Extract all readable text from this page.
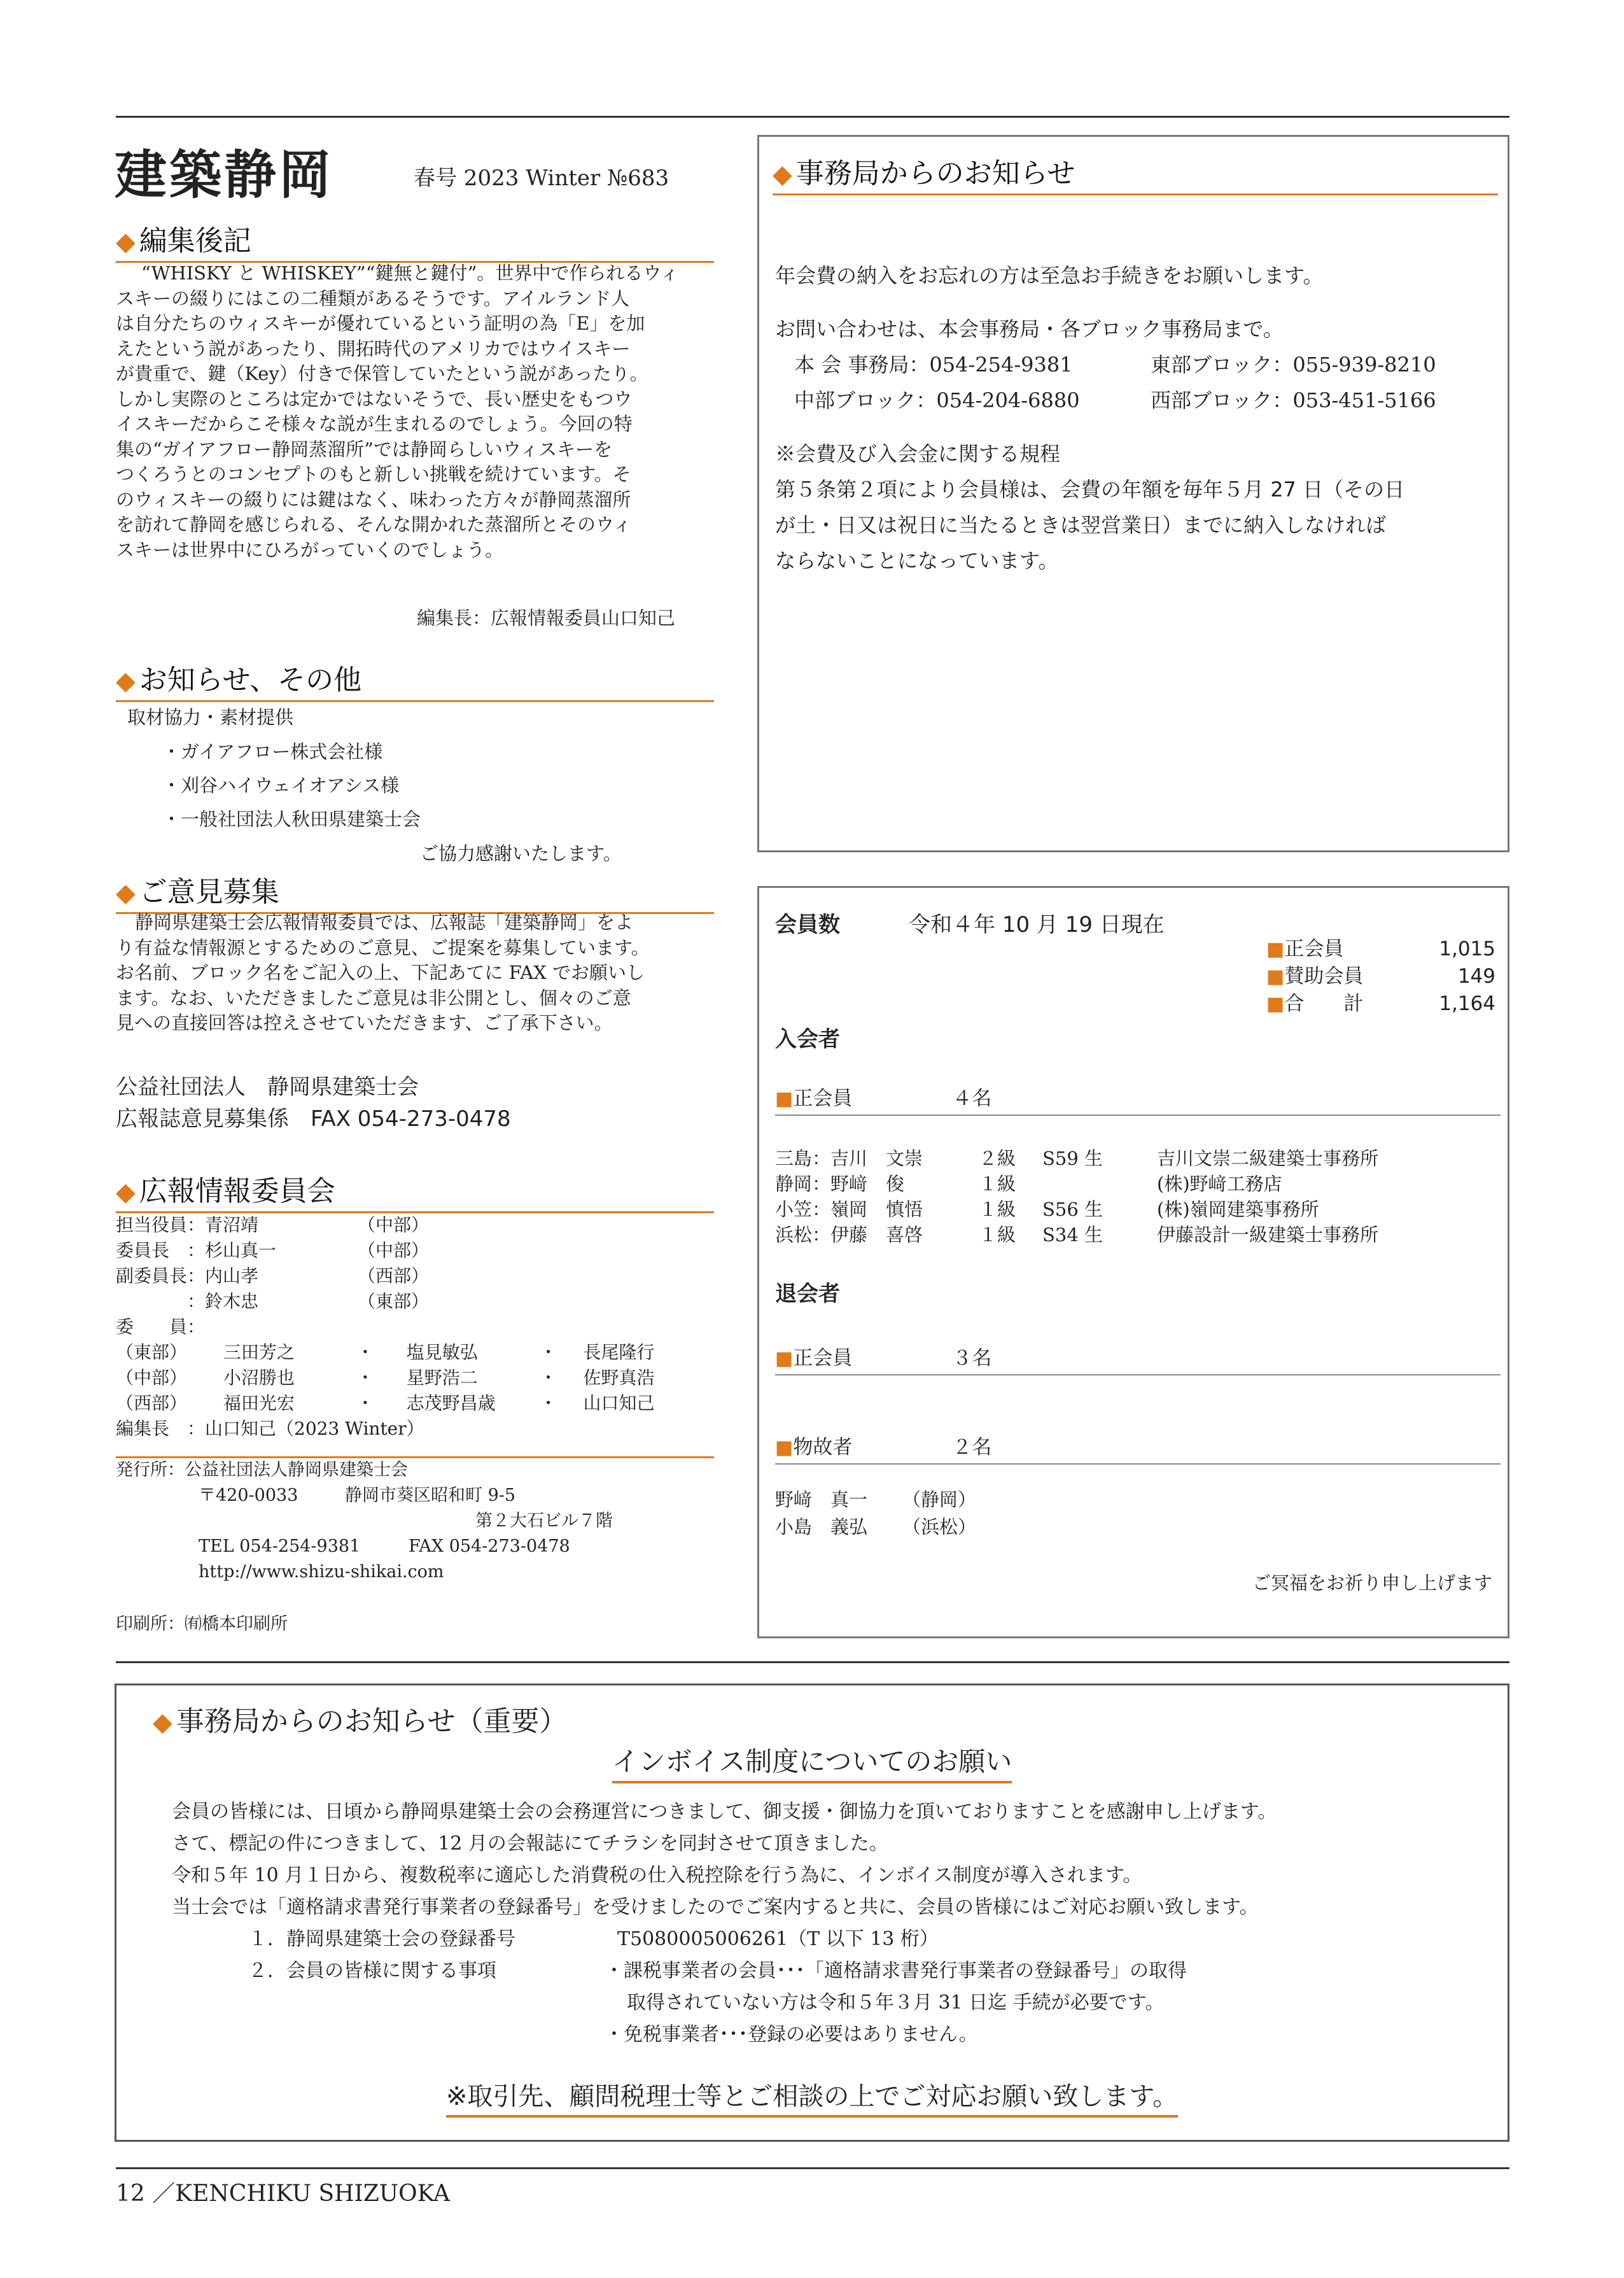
建築静岡	春号 2023 Winter №683
◆ 編集後記
“WHISKY と WHISKEY”“鍵無と鍵付”。世界中で作られるウィ
スキーの綴りにはこの二種類があるそうです。アイルランド人
は自分たちのウィスキーが優れているという証明の為「E」を加
えたという説があったり、開拓時代のアメリカではウイスキー
が貴重で、鍵（Key）付きで保管していたという説があったり。
しかし実際のところは定かではないそうで、長い歴史をもつウ
イスキーだからこそ様々な説が生まれるのでしょう。今回の特
集の“ガイアフロー静岡蒸溜所”では静岡らしいウィスキーを
つくろうとのコンセプトのもと新しい挑戦を続けています。そ
のウィスキーの綴りには鍵はなく、味わった方々が静岡蒸溜所
を訪れて静岡を感じられる、そんな開かれた蒸溜所とそのウィ
スキーは世界中にひろがっていくのでしょう。
編集長：広報情報委員山口知己
◆ お知らせ、その他
取材協力・素材提供
・ガイアフロー株式会社様
・刈谷ハイウェイオアシス様
・一般社団法人秋田県建築士会
ご協力感謝いたします。
◆ ご意見募集
静岡県建築士会広報情報委員では、広報誌「建築静岡」をよ
り有益な情報源とするためのご意見、ご提案を募集しています。
お名前、ブロック名をご記入の上、下記あてに FAX でお願いし
ます。なお、いただきましたご意見は非公開とし、個々のご意
見への直接回答は控えさせていただきます、ご了承下さい。
公益社団法人　静岡県建築士会
広報誌意見募集係　FAX 054-273-0478
◆ 広報情報委員会
担当役員：青沼靖	（中部）
委員長　：杉山真一	（中部）
副委員長：内山孝	（西部）
　　　　：鈴木忠	（東部）
委　　員：
（東部） 三田芳之	・ 塩見敏弘	・ 長尾隆行
（中部） 小沼勝也	・ 星野浩二	・ 佐野真浩
（西部） 福田光宏	・ 志茂野昌歳 ・ 山口知己
編集長　：山口知己（2023 Winter）
発行所：公益社団法人静岡県建築士会
〒420-0033	静岡市葵区昭和町 9-5
第２大石ビル７階
TEL 054-254-9381	FAX 054-273-0478
http://www.shizu-shikai.com
印刷所：㈲橋本印刷所
◆ 事務局からのお知らせ
年会費の納入をお忘れの方は至急お手続きをお願いします。
お問い合わせは、本会事務局・各ブロック事務局まで。
本 会 事務局：054-254-9381	東部ブロック：055-939-8210
中部ブロック：054-204-6880	西部ブロック：053-451-5166
※会費及び入会金に関する規程
第５条第２項により会員様は、会費の年額を毎年５月 27 日（その日
が土・日又は祝日に当たるときは翌営業日）までに納入しなければ
ならないことになっています。
会員数	令和４年 10 月 19 日現在
■正会員	1,015
■賛助会員	149
■合　　計	1,164
入会者
■正会員	４名
三島：吉川　文崇	２級 S59 生	吉川文崇二級建築士事務所
静岡：野﨑　俊	１級	(株)野﨑工務店
小笠：嶺岡　慎悟	１級 S56 生	(株)嶺岡建築事務所
浜松：伊藤　喜啓	１級 S34 生	伊藤設計一級建築士事務所
退会者
■正会員	３名
■物故者	２名
野﨑　真一 （静岡）
小島　義弘 （浜松）
ご冥福をお祈り申し上げます
◆ 事務局からのお知らせ（重要）
インボイス制度についてのお願い
会員の皆様には、日頃から静岡県建築士会の会務運営につきまして、御支援・御協力を頂いておりますことを感謝申し上げます。
さて、標記の件につきまして、12 月の会報誌にてチラシを同封させて頂きました。
令和５年 10 月１日から、複数税率に適応した消費税の仕入税控除を行う為に、インボイス制度が導入されます。
当士会では「適格請求書発行事業者の登録番号」を受けましたのでご案内すると共に、会員の皆様にはご対応お願い致します。
１．静岡県建築士会の登録番号	T5080005006261（T 以下 13 桁）
２．会員の皆様に関する事項	・課税事業者の会員･･･「適格請求書発行事業者の登録番号」の取得
取得されていない方は令和５年３月 31 日迄 手続が必要です。
・免税事業者･･･登録の必要はありません。
※取引先、顧問税理士等とご相談の上でご対応お願い致します。
12 ／KENCHIKU SHIZUOKA
